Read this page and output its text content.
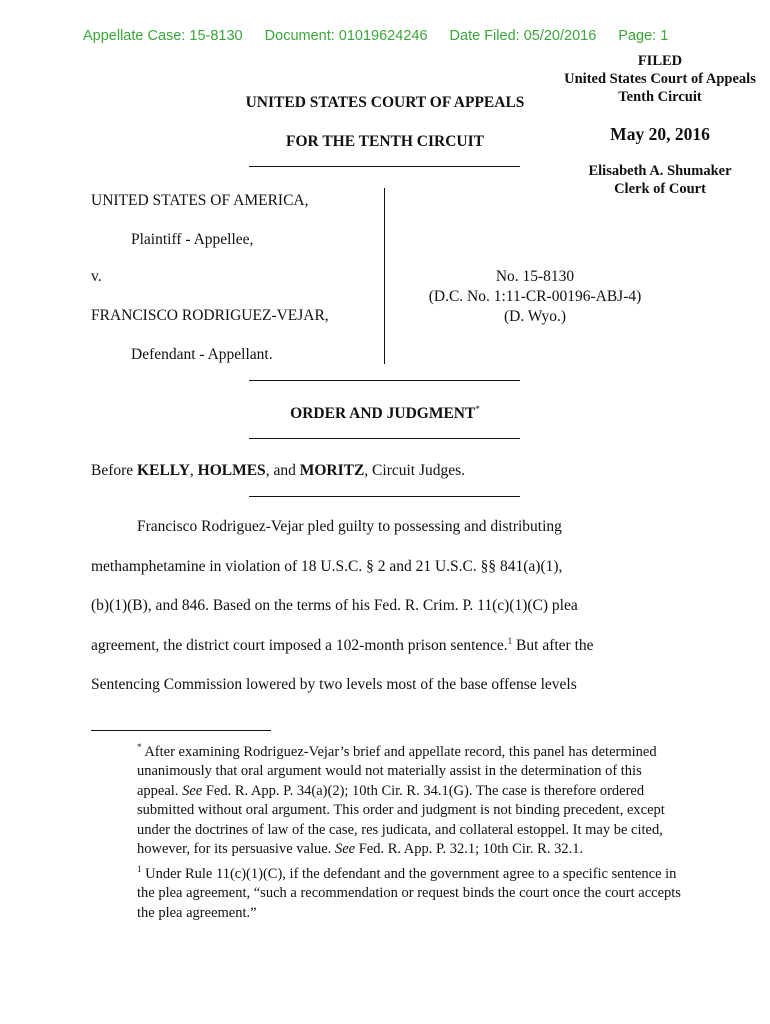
Appellate Case: 15-8130 Document: 01019624246 Date Filed: 05/20/2016 Page: 1
FILED
United States Court of Appeals
Tenth Circuit
May 20, 2016
Elisabeth A. Shumaker
Clerk of Court
UNITED STATES COURT OF APPEALS
FOR THE TENTH CIRCUIT
UNITED STATES OF AMERICA,
Plaintiff - Appellee,
v.
FRANCISCO RODRIGUEZ-VEJAR,
Defendant - Appellant.
No. 15-8130
(D.C. No. 1:11-CR-00196-ABJ-4)
(D. Wyo.)
ORDER AND JUDGMENT*
Before KELLY, HOLMES, and MORITZ, Circuit Judges.
Francisco Rodriguez-Vejar pled guilty to possessing and distributing
methamphetamine in violation of 18 U.S.C. § 2 and 21 U.S.C. §§ 841(a)(1),
(b)(1)(B), and 846. Based on the terms of his Fed. R. Crim. P. 11(c)(1)(C) plea
agreement, the district court imposed a 102-month prison sentence.$^1$ But after the
Sentencing Commission lowered by two levels most of the base offense levels

* After examining Rodriguez-Vejar’s brief and appellate record, this panel has determined unanimously that oral argument would not materially assist in the determination of this appeal. See Fed. R. App. P. 34(a)(2); 10th Cir. R. 34.1(G). The case is therefore ordered submitted without oral argument. This order and judgment is not binding precedent, except under the doctrines of law of the case, res judicata, and collateral estoppel. It may be cited, however, for its persuasive value. See Fed. R. App. P. 32.1; 10th Cir. R. 32.1.

$^1$ Under Rule 11(c)(1)(C), if the defendant and the government agree to a specific sentence in the plea agreement, “such a recommendation or request binds the court once the court accepts the plea agreement.”
